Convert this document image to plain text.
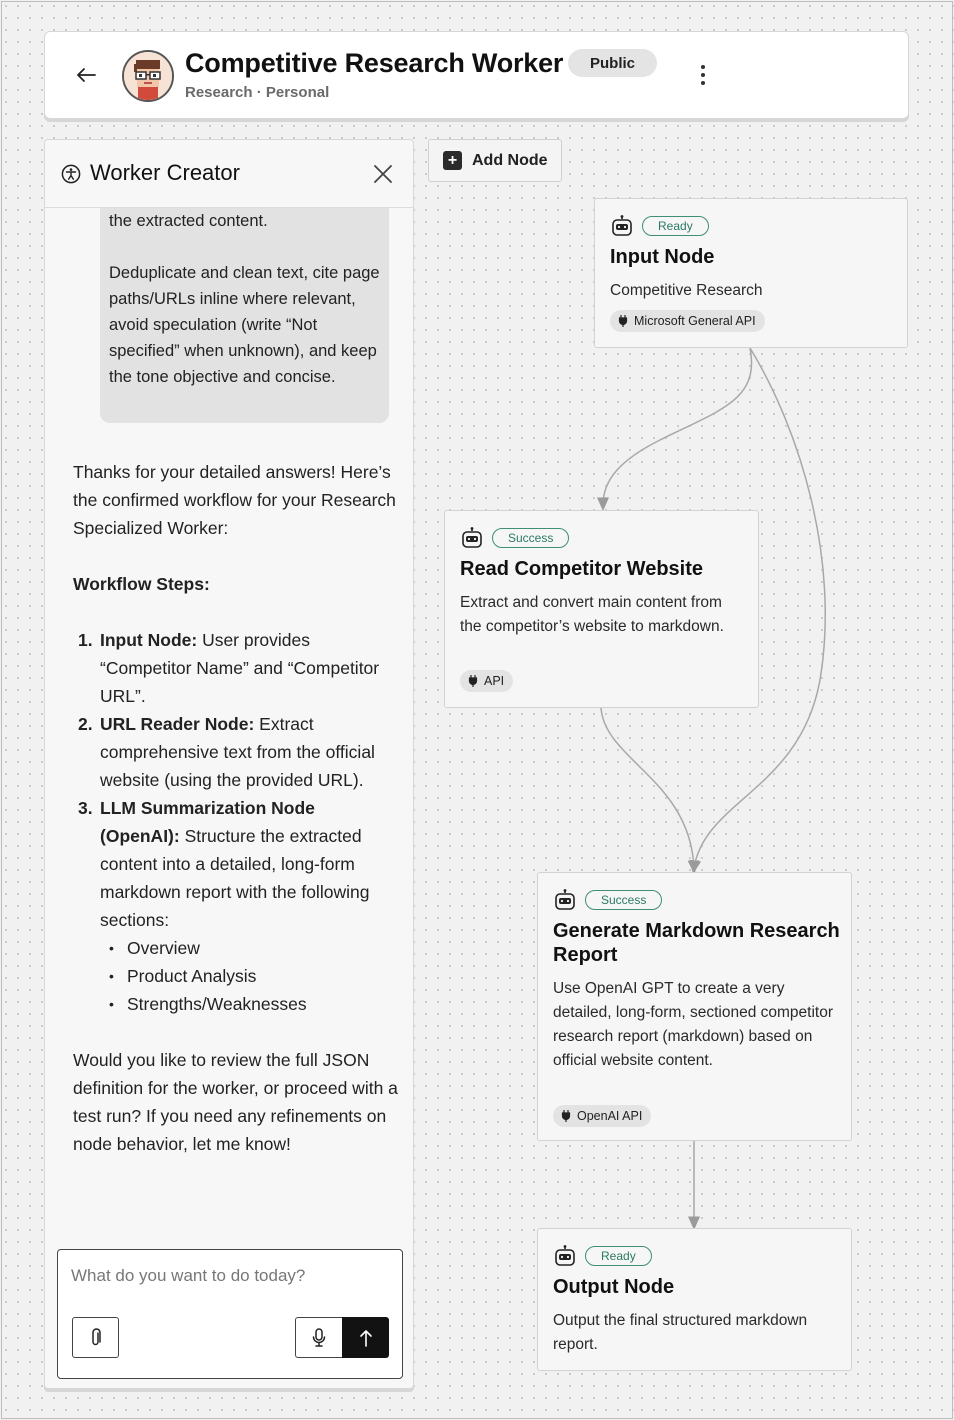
Competitive Research Worker
Research · Personal
Public
Worker Creator

the extracted content.

Deduplicate and clean text, cite page paths/URLs inline where relevant, avoid speculation (write “Not specified” when unknown), and keep the tone objective and concise.

Thanks for your detailed answers! Here’s the confirmed workflow for your Research Specialized Worker:

Workflow Steps:

1. Input Node: User provides “Competitor Name” and “Competitor URL”.
2. URL Reader Node: Extract comprehensive text from the official website (using the provided URL).
3. LLM Summarization Node (OpenAI): Structure the extracted content into a detailed, long-form markdown report with the following sections:
• Overview
• Product Analysis
• Strengths/Weaknesses

Would you like to review the full JSON definition for the worker, or proceed with a test run? If you need any refinements on node behavior, let me know!

What do you want to do today?
+ Add Node
Ready
Input Node
Competitive Research
Microsoft General API
Success
Read Competitor Website
Extract and convert main content from the competitor’s website to markdown.
API
Success
Generate Markdown Research Report
Use OpenAI GPT to create a very detailed, long-form, sectioned competitor research report (markdown) based on official website content.
OpenAI API
Ready
Output Node
Output the final structured markdown report.
